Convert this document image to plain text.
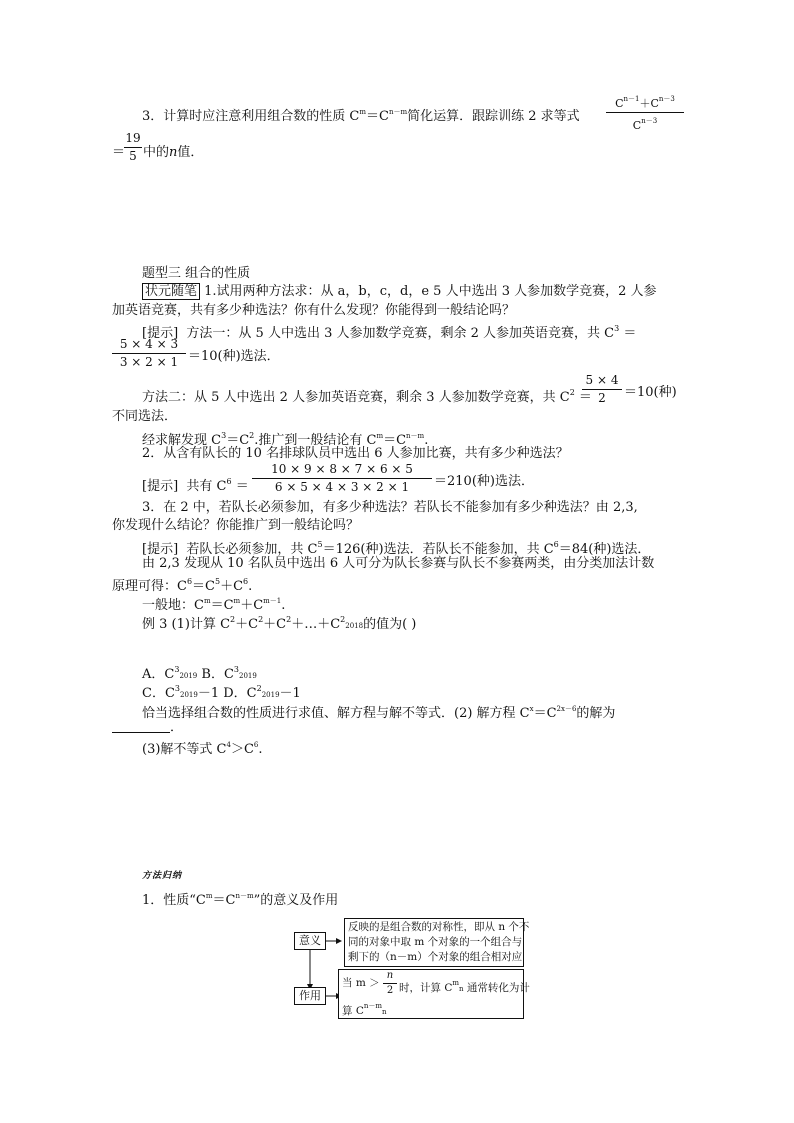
3．计算时应注意利用组合数的性质 $C^m=C^{n-m}$简化运算．跟踪训练 2 求等式
$C^{n-1}+C^{n-3}$
$C^{n-3}$
＝
19
5 中的n值．
题型三 组合的性质
状元随笔 1.试用两种方法求：从 a，b，c，d，e 5 人中选出 3 人参加数学竞赛，2 人参
加英语竞赛，共有多少种选法？你有什么发现？你能得到一般结论吗？
[提示] 方法一：从 5 人中选出 3 人参加数学竞赛，剩余 2 人参加英语竞赛，共 $C^3$ ＝
5 × 4 × 3
3 × 2 × 1 ＝10(种)选法．
方法二：从 5 人中选出 2 人参加英语竞赛，剩余 3 人参加数学竞赛，共 $C^2$ ＝
5 × 4
2	＝10(种)
不同选法．
经求解发现 $C^3=C^2$.推广到一般结论有 $C^m=C^{n-m}$.
2．从含有队长的 10 名排球队员中选出 6 人参加比赛，共有多少种选法？
[提示] 共有 $C^6$ ＝
10 × 9 × 8 × 7 × 6 × 5
6 × 5 × 4 × 3 × 2 × 1	＝210(种)选法．
3．在 2 中，若队长必须参加，有多少种选法？若队长不能参加有多少种选法？由 2,3,
你发现什么结论？你能推广到一般结论吗？
[提示] 若队长必须参加，共 $C^5=126$(种)选法．若队长不能参加，共 $C^6=84$(种)选法．
由 2,3 发现从 10 名队员中选出 6 人可分为队长参赛与队长不参赛两类，由分类加法计数
原理可得：$C^6=C^5+C^6$.
一般地：$C^m=C^m+C^{m-1}$.
例 3 (1)计算 $C^2+C^2+C^2+\dots+C^22018$的值为( )
A．$C^32019$ B．$C^32019$
C．$C^32019-1$ D．$C^22019-1$
恰当选择组合数的性质进行求值、解方程与解不等式．(2) 解方程 $C^x=C^{2x-6}$的解为
．
(3)解不等式 $C^4>C^6$.
方法归纳
1．性质“$C^m=C^{n-m}$”的意义及作用
意义
作用
反映的是组合数的对称性，即从 n 个不
同的对象中取 m 个对象的一个组合与
剩下的（n－m）个对象的组合相对应
当 m ＞
n
2 时，计算 $C^mn$ 通常转化为计
算 $C^{n-m}n$
